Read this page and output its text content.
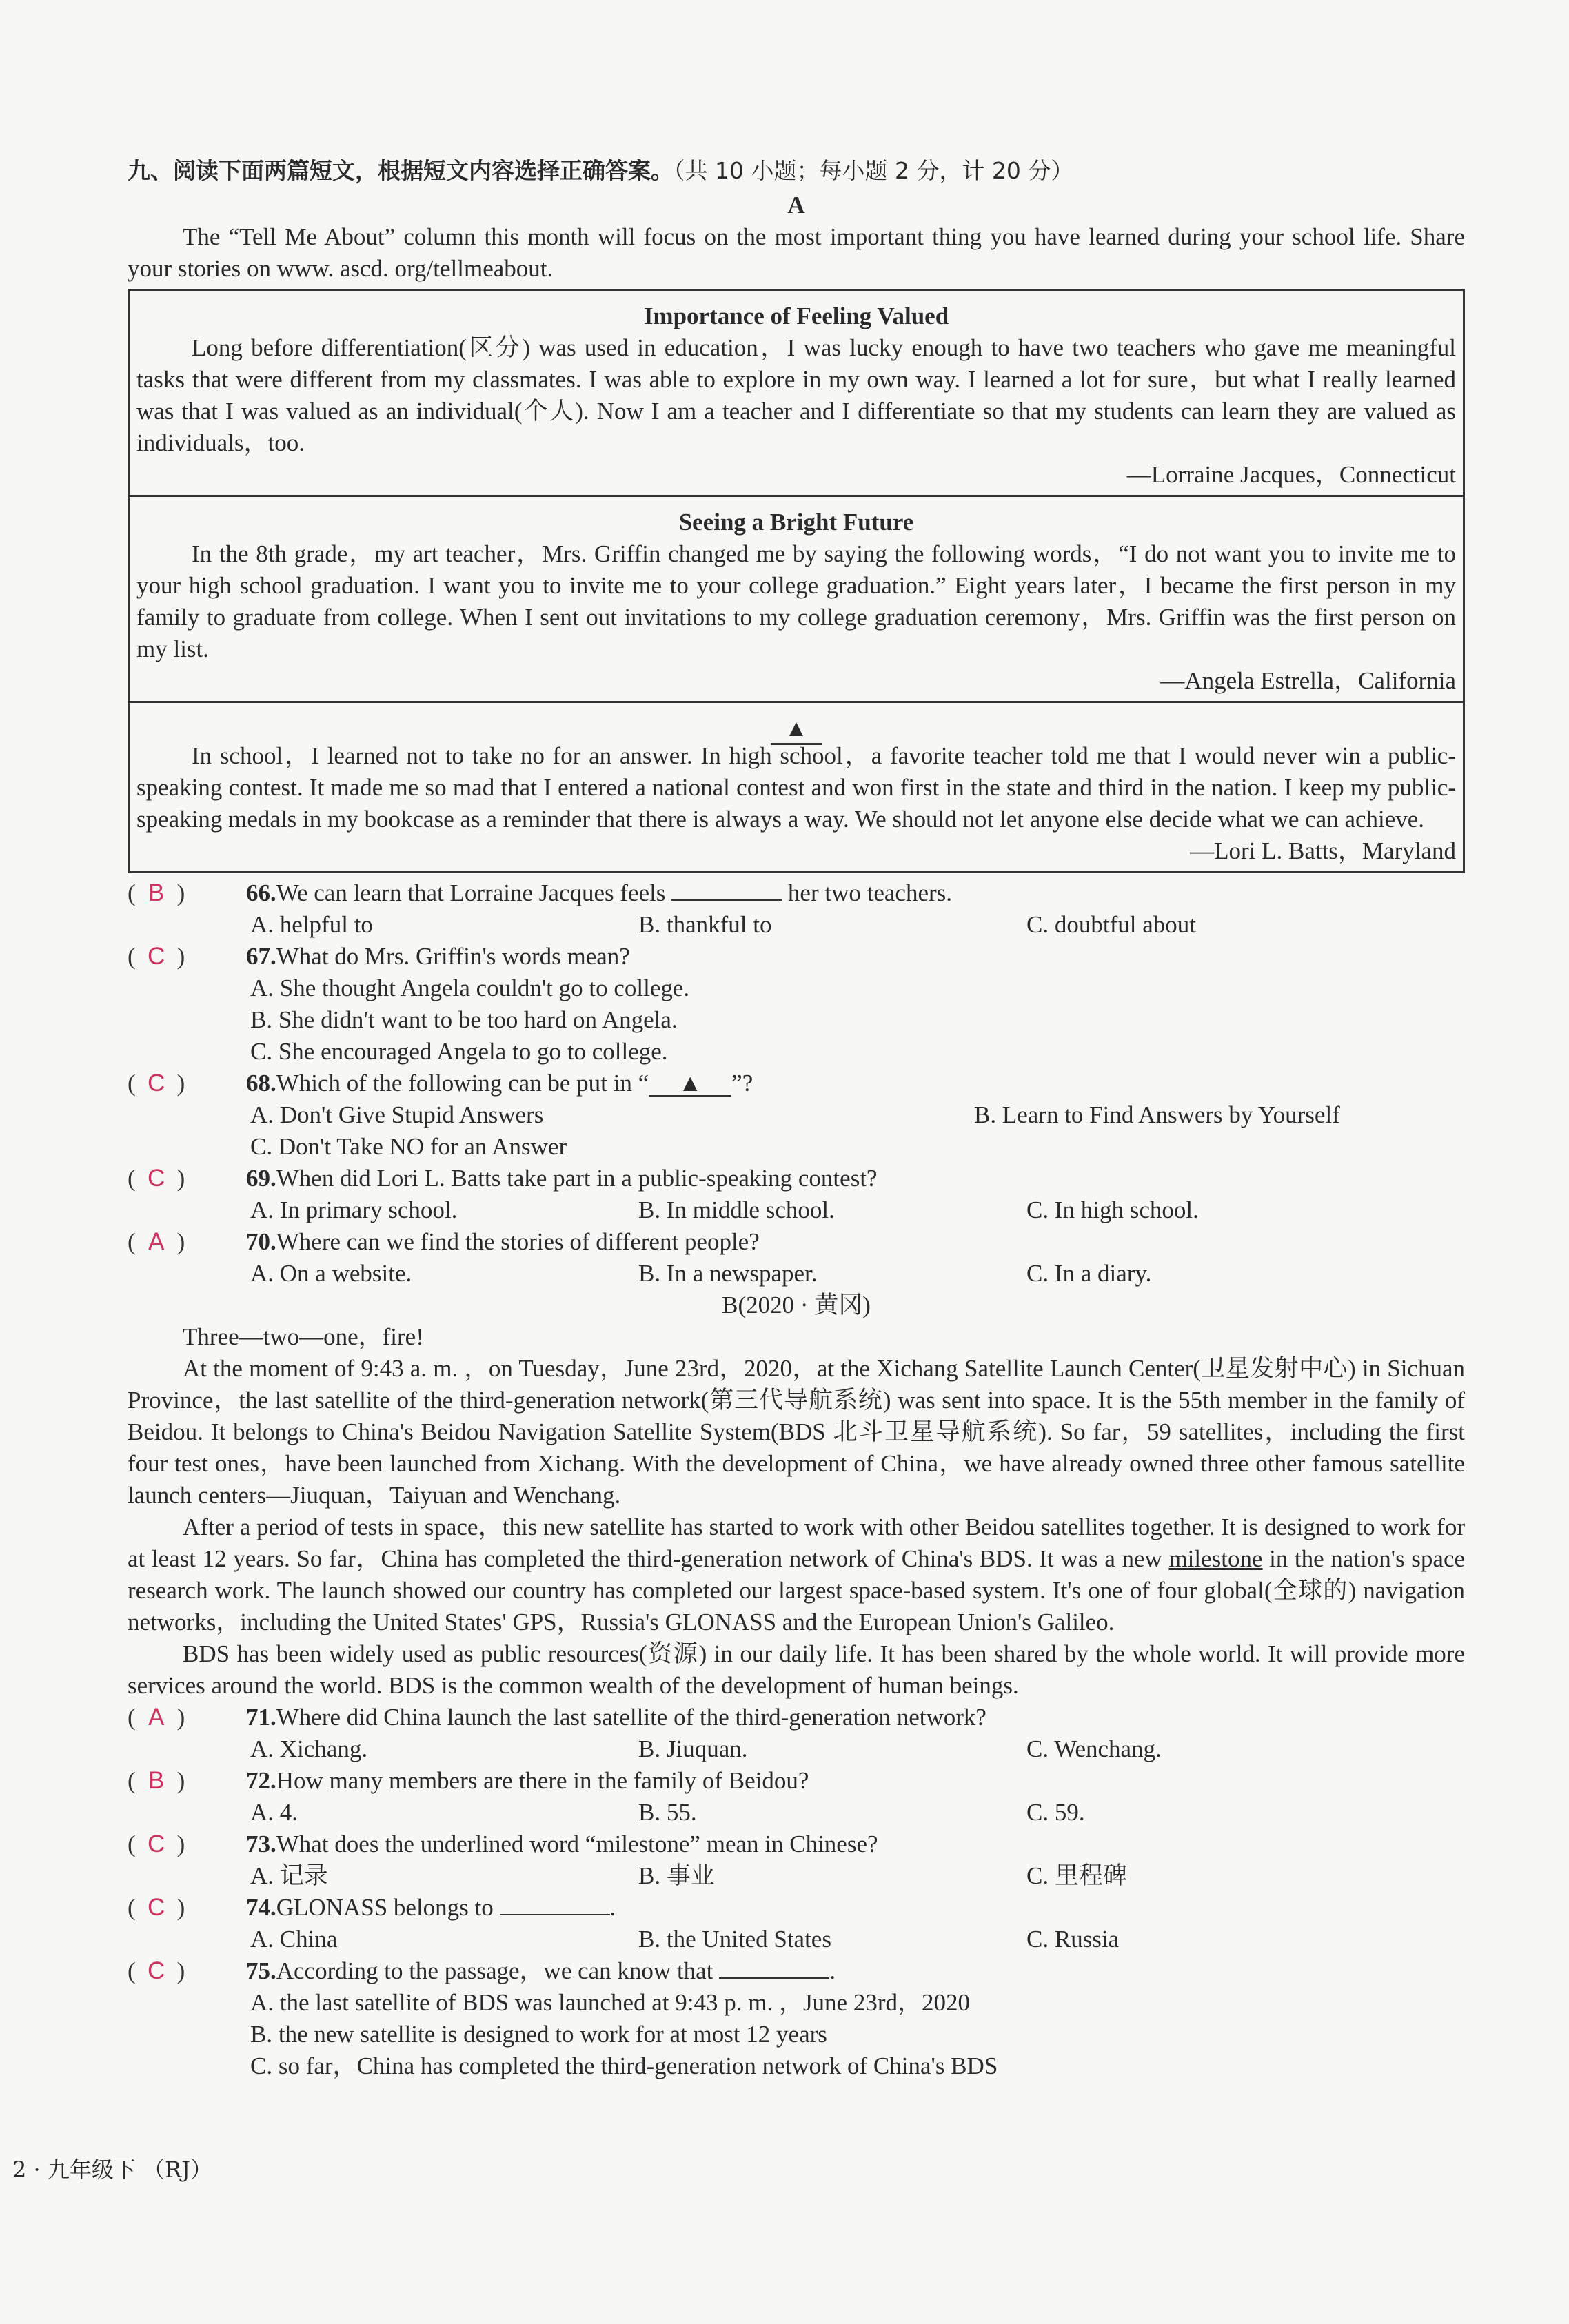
九、阅读下面两篇短文，根据短文内容选择正确答案。（共 10 小题；每小题 2 分，计 20 分）
A

The “Tell Me About” column this month will focus on the most important thing you have learned during your school life. Share your stories on www. ascd. org/tellmeabout.

Importance of Feeling Valued

Long before differentiation(区分) was used in education，I was lucky enough to have two teachers who gave me meaningful tasks that were different from my classmates. I was able to explore in my own way. I learned a lot for sure，but what I really learned was that I was valued as an individual(个人). Now I am a teacher and I differentiate so that my students can learn they are valued as individuals，too.

—Lorraine Jacques，Connecticut
Seeing a Bright Future

In the 8th grade，my art teacher，Mrs. Griffin changed me by saying the following words，“I do not want you to invite me to your high school graduation. I want you to invite me to your college graduation.” Eight years later，I became the first person in my family to graduate from college. When I sent out invitations to my college graduation ceremony，Mrs. Griffin was the first person on my list.

—Angela Estrella，California
▲

In school，I learned not to take no for an answer. In high school，a favorite teacher told me that I would never win a public-speaking contest. It made me so mad that I entered a national contest and won first in the state and third in the nation. I keep my public-speaking medals in my bookcase as a reminder that there is always a way. We should not let anyone else decide what we can achieve.

—Lori L. Batts，Maryland
( B )	66.We can learn that Lorraine Jacques feels	her two teachers.
A. helpful to	B. thankful to	C. doubtful about
( C )	67.What do Mrs. Griffin's words mean?
A. She thought Angela couldn't go to college.
B. She didn't want to be too hard on Angela.
C. She encouraged Angela to go to college.
( C )	68.Which of the following can be put in “ ▲ ”?
A. Don't Give Stupid Answers	B. Learn to Find Answers by Yourself
C. Don't Take NO for an Answer
( C )	69.When did Lori L. Batts take part in a public-speaking contest?
A. In primary school.	B. In middle school.	C. In high school.
( A )	70.Where can we find the stories of different people?
A. On a website.	B. In a newspaper.	C. In a diary.
B(2020 · 黄冈)

Three—two—one，fire!

At the moment of 9:43 a. m. ，on Tuesday，June 23rd，2020，at the Xichang Satellite Launch Center(卫星发射中心) in Sichuan Province，the last satellite of the third-generation network(第三代导航系统) was sent into space. It is the 55th member in the family of Beidou. It belongs to China's Beidou Navigation Satellite System(BDS 北斗卫星导航系统). So far，59 satellites，including the first four test ones，have been launched from Xichang. With the development of China，we have already owned three other famous satellite launch centers—Jiuquan，Taiyuan and Wenchang.

After a period of tests in space，this new satellite has started to work with other Beidou satellites together. It is designed to work for at least 12 years. So far，China has completed the third-generation network of China's BDS. It was a new milestone in the nation's space research work. The launch showed our country has completed our largest space-based system. It's one of four global(全球的) navigation networks，including the United States' GPS，Russia's GLONASS and the European Union's Galileo.

BDS has been widely used as public resources(资源) in our daily life. It has been shared by the whole world. It will provide more services around the world. BDS is the common wealth of the development of human beings.

( A )	71.Where did China launch the last satellite of the third-generation network?
A. Xichang.	B. Jiuquan.	C. Wenchang.
( B )	72.How many members are there in the family of Beidou?
A. 4.	B. 55.	C. 59.
( C )	73.What does the underlined word “milestone” mean in Chinese?
A. 记录	B. 事业	C. 里程碑
( C )	74.GLONASS belongs to	.
A. China	B. the United States	C. Russia
( C )	75.According to the passage，we can know that	.
A. the last satellite of BDS was launched at 9:43 p. m. ，June 23rd，2020
B. the new satellite is designed to work for at most 12 years
C. so far，China has completed the third-generation network of China's BDS
2 · 九年级下 （RJ）
